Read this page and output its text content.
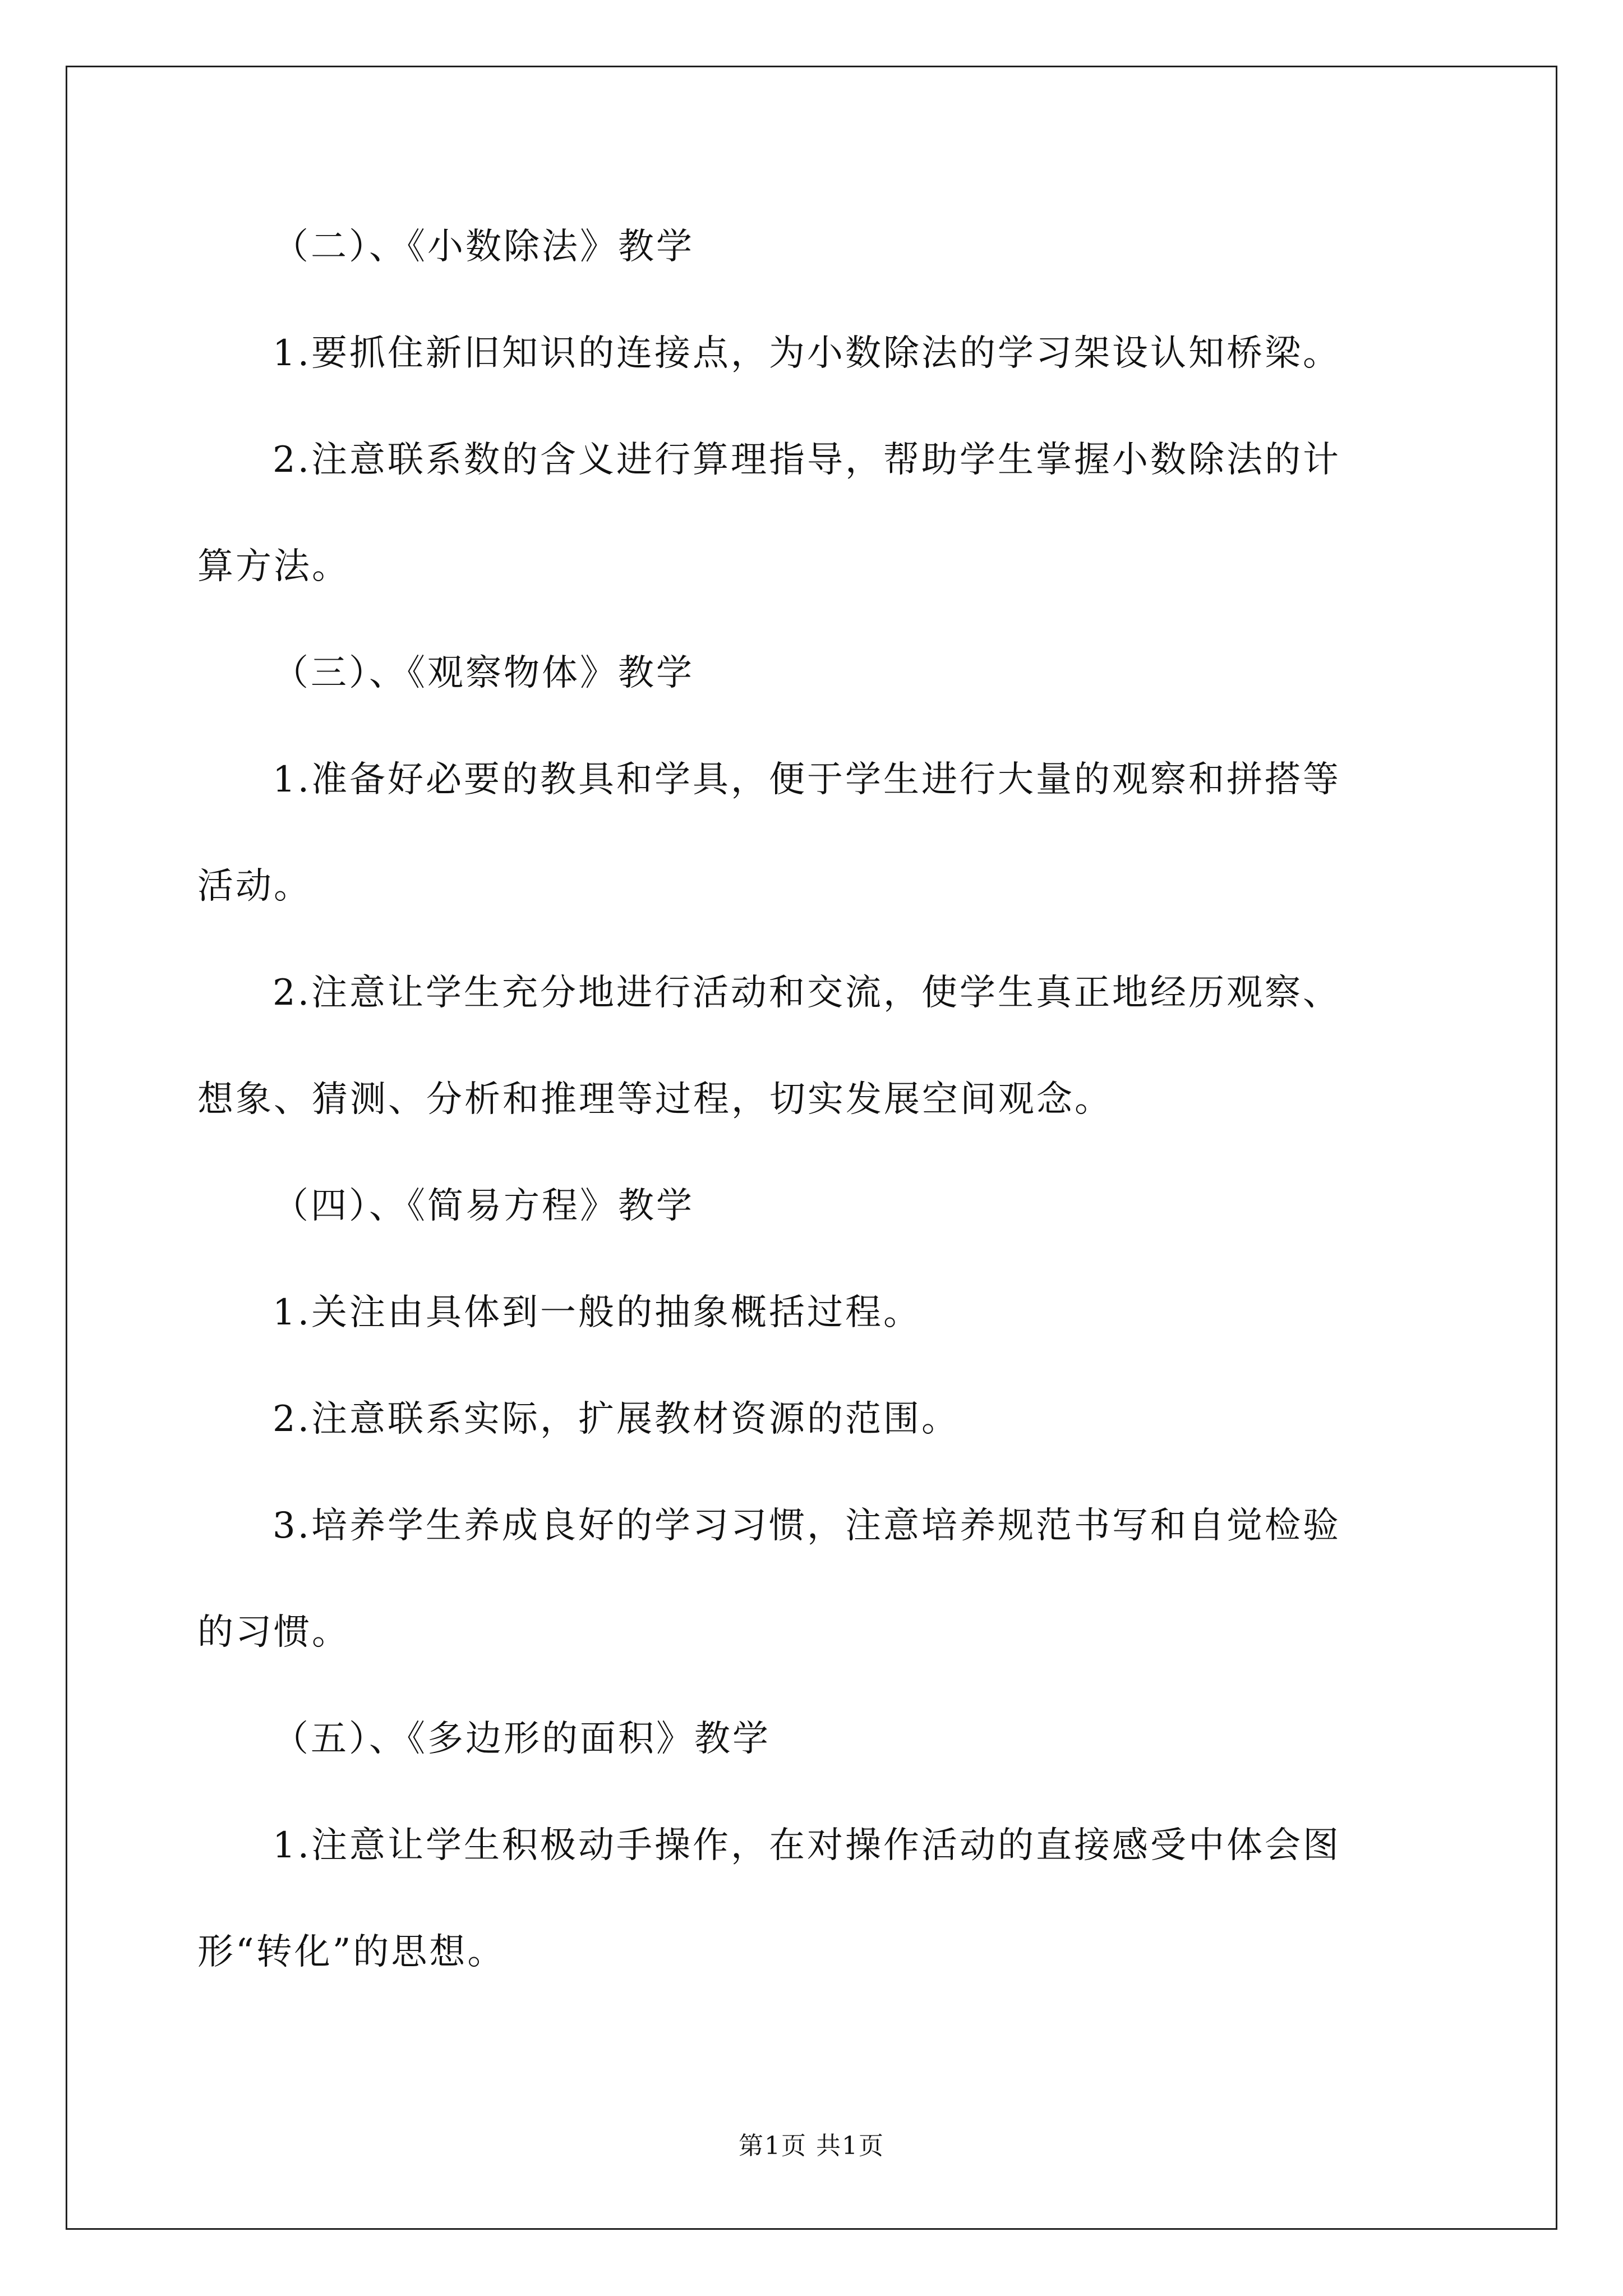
（二）、《小数除法》教学
1.要抓住新旧知识的连接点，为小数除法的学习架设认知桥梁。
2.注意联系数的含义进行算理指导，帮助学生掌握小数除法的计
算方法。
（三）、《观察物体》教学
1.准备好必要的教具和学具，便于学生进行大量的观察和拼搭等
活动。
2.注意让学生充分地进行活动和交流，使学生真正地经历观察、
想象、猜测、分析和推理等过程，切实发展空间观念。
（四）、《简易方程》教学
1.关注由具体到一般的抽象概括过程。
2.注意联系实际，扩展教材资源的范围。
3.培养学生养成良好的学习习惯，注意培养规范书写和自觉检验
的习惯。
（五）、《多边形的面积》教学
1.注意让学生积极动手操作，在对操作活动的直接感受中体会图
形“转化”的思想。
第1页 共1页
